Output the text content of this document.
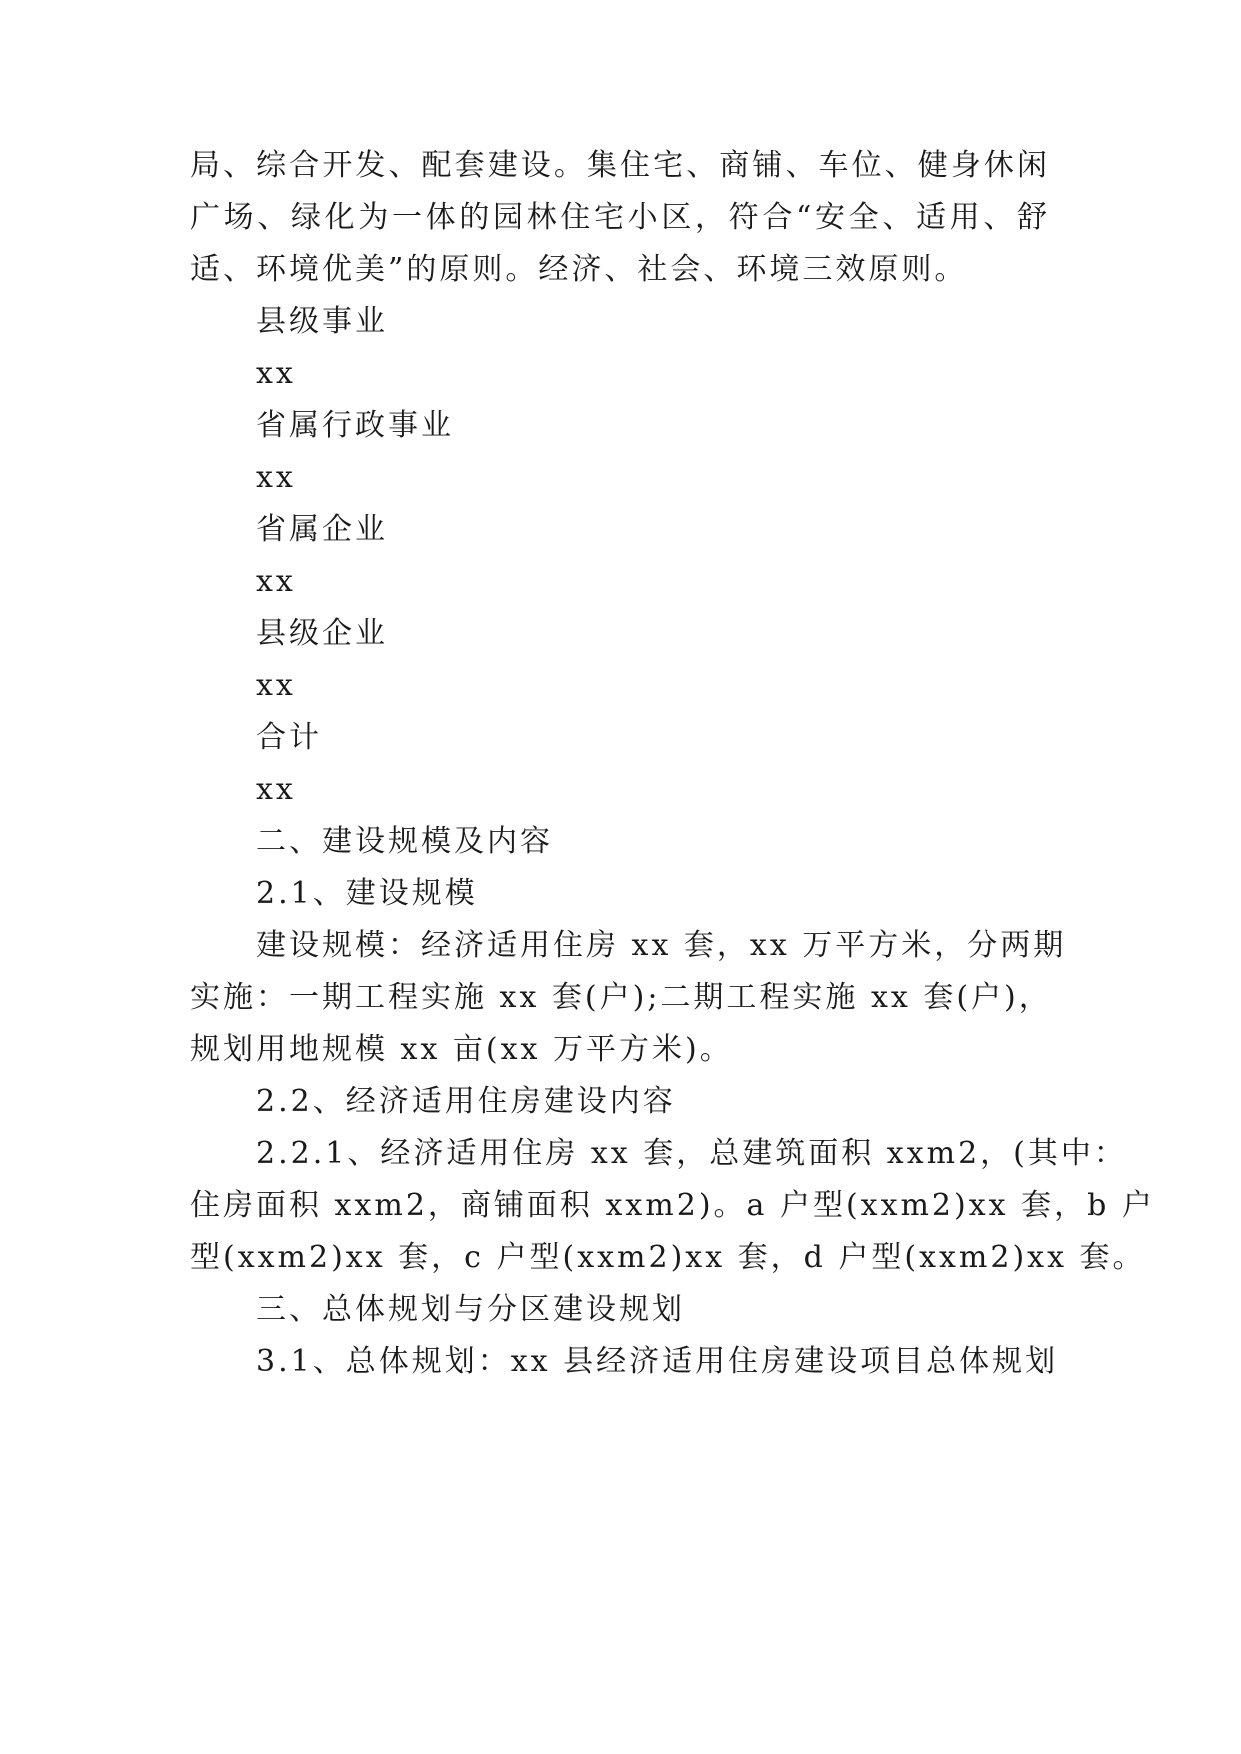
局、综合开发、配套建设。集住宅、商铺、车位、健身休闲
广场、绿化为一体的园林住宅小区，符合“安全、适用、舒
适、环境优美”的原则。经济、社会、环境三效原则。
县级事业
xx
省属行政事业
xx
省属企业
xx
县级企业
xx
合计
xx
二、建设规模及内容
2.1、建设规模
建设规模：经济适用住房 xx 套，xx 万平方米，分两期
实施：一期工程实施 xx 套(户);二期工程实施 xx 套(户)，
规划用地规模 xx 亩(xx 万平方米)。
2.2、经济适用住房建设内容
2.2.1、经济适用住房 xx 套，总建筑面积 xxm2，(其中：
住房面积 xxm2，商铺面积 xxm2)。a 户型(xxm2)xx 套，b 户
型(xxm2)xx 套，c 户型(xxm2)xx 套，d 户型(xxm2)xx 套。
三、总体规划与分区建设规划
3.1、总体规划：xx 县经济适用住房建设项目总体规划
